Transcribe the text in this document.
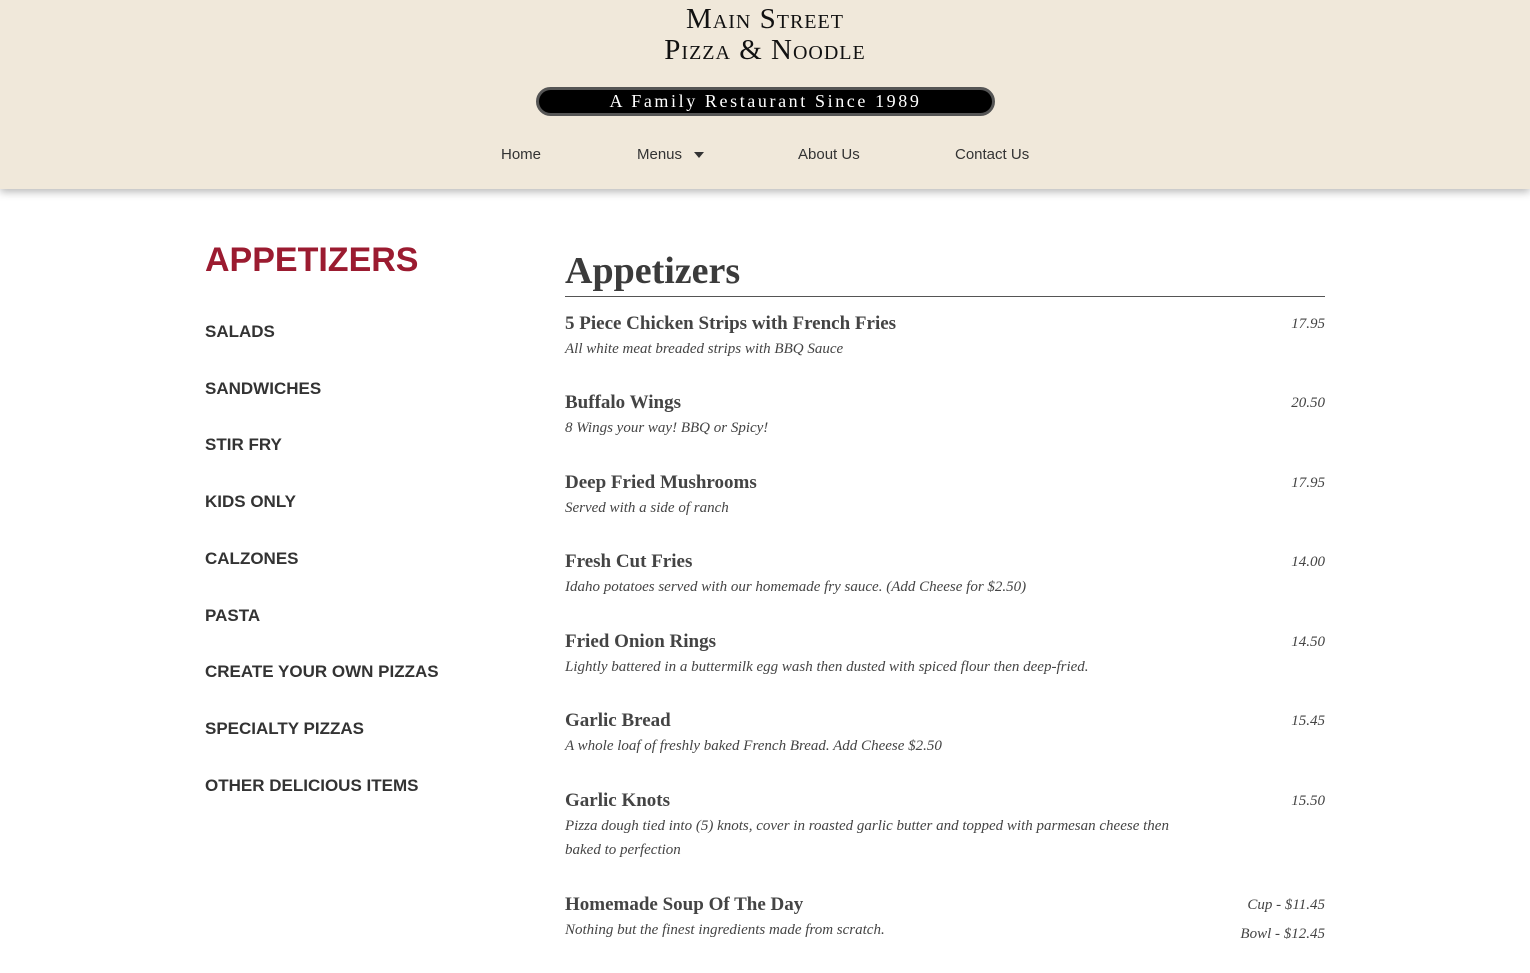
Main Street
Pizza & Noodle
A Family Restaurant Since 1989
Home	Menus	About Us	Contact Us
APPETIZERS
SALADS
SANDWICHES
STIR FRY
KIDS ONLY
CALZONES
PASTA
CREATE YOUR OWN PIZZAS
SPECIALTY PIZZAS
OTHER DELICIOUS ITEMS
Appetizers
5 Piece Chicken Strips with French Fries
All white meat breaded strips with BBQ Sauce
17.95
Buffalo Wings
8 Wings your way! BBQ or Spicy!
20.50
Deep Fried Mushrooms
Served with a side of ranch
17.95
Fresh Cut Fries
Idaho potatoes served with our homemade fry sauce. (Add Cheese for $2.50)
14.00
Fried Onion Rings
Lightly battered in a buttermilk egg wash then dusted with spiced flour then deep-fried.
14.50
Garlic Bread
A whole loaf of freshly baked French Bread. Add Cheese $2.50
15.45
Garlic Knots
Pizza dough tied into (5) knots, cover in roasted garlic butter and topped with parmesan cheese then baked to perfection
15.50
Homemade Soup Of The Day
Nothing but the finest ingredients made from scratch.
Cup - $11.45
Bowl - $12.45
